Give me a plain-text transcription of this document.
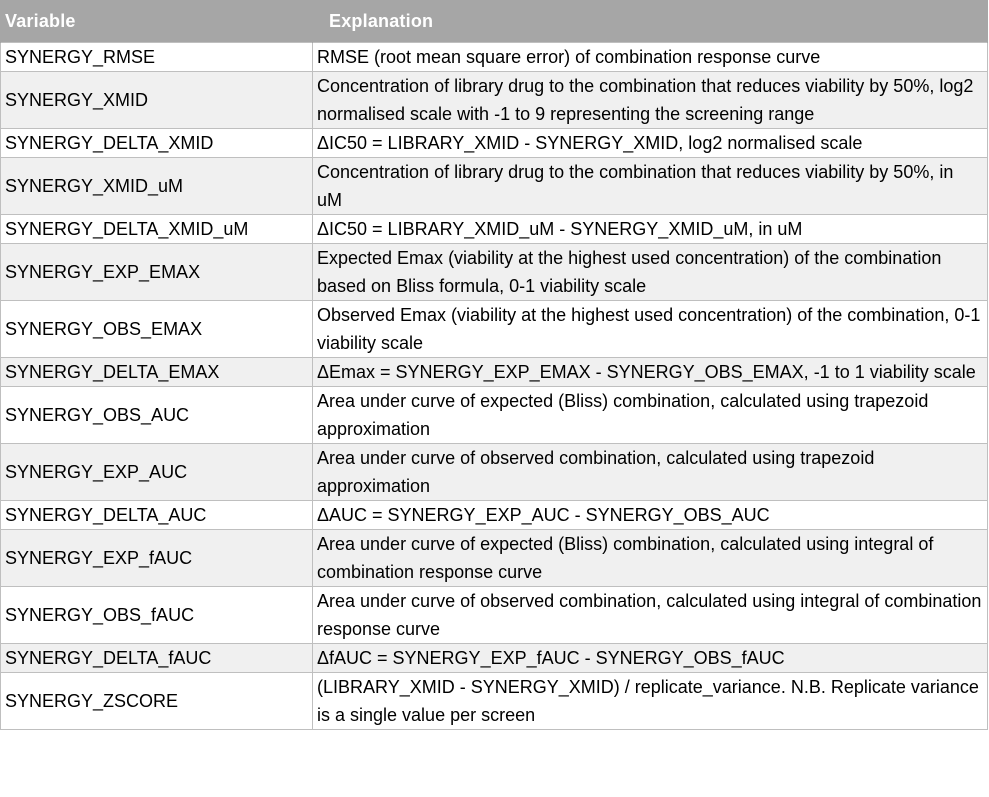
Variable	Explanation
SYNERGY_RMSE	RMSE (root mean square error) of combination response curve
SYNERGY_XMID	Concentration of library drug to the combination that reduces viability by 50%, log2 normalised scale with -1 to 9 representing the screening range
SYNERGY_DELTA_XMID	ΔIC50 = LIBRARY_XMID - SYNERGY_XMID, log2 normalised scale
SYNERGY_XMID_uM	Concentration of library drug to the combination that reduces viability by 50%, in uM
SYNERGY_DELTA_XMID_uM	ΔIC50 = LIBRARY_XMID_uM - SYNERGY_XMID_uM, in uM
SYNERGY_EXP_EMAX	Expected Emax (viability at the highest used concentration) of the combination based on Bliss formula, 0-1 viability scale
SYNERGY_OBS_EMAX	Observed Emax (viability at the highest used concentration) of the combination, 0-1 viability scale
SYNERGY_DELTA_EMAX	ΔEmax = SYNERGY_EXP_EMAX - SYNERGY_OBS_EMAX, -1 to 1 viability scale
SYNERGY_OBS_AUC	Area under curve of expected (Bliss) combination, calculated using trapezoid approximation
SYNERGY_EXP_AUC	Area under curve of observed combination, calculated using trapezoid approximation
SYNERGY_DELTA_AUC	ΔAUC = SYNERGY_EXP_AUC - SYNERGY_OBS_AUC
SYNERGY_EXP_fAUC	Area under curve of expected (Bliss) combination, calculated using integral of combination response curve
SYNERGY_OBS_fAUC	Area under curve of observed combination, calculated using integral of combination response curve
SYNERGY_DELTA_fAUC	ΔfAUC = SYNERGY_EXP_fAUC - SYNERGY_OBS_fAUC
SYNERGY_ZSCORE	(LIBRARY_XMID - SYNERGY_XMID) / replicate_variance. N.B. Replicate variance is a single value per screen
